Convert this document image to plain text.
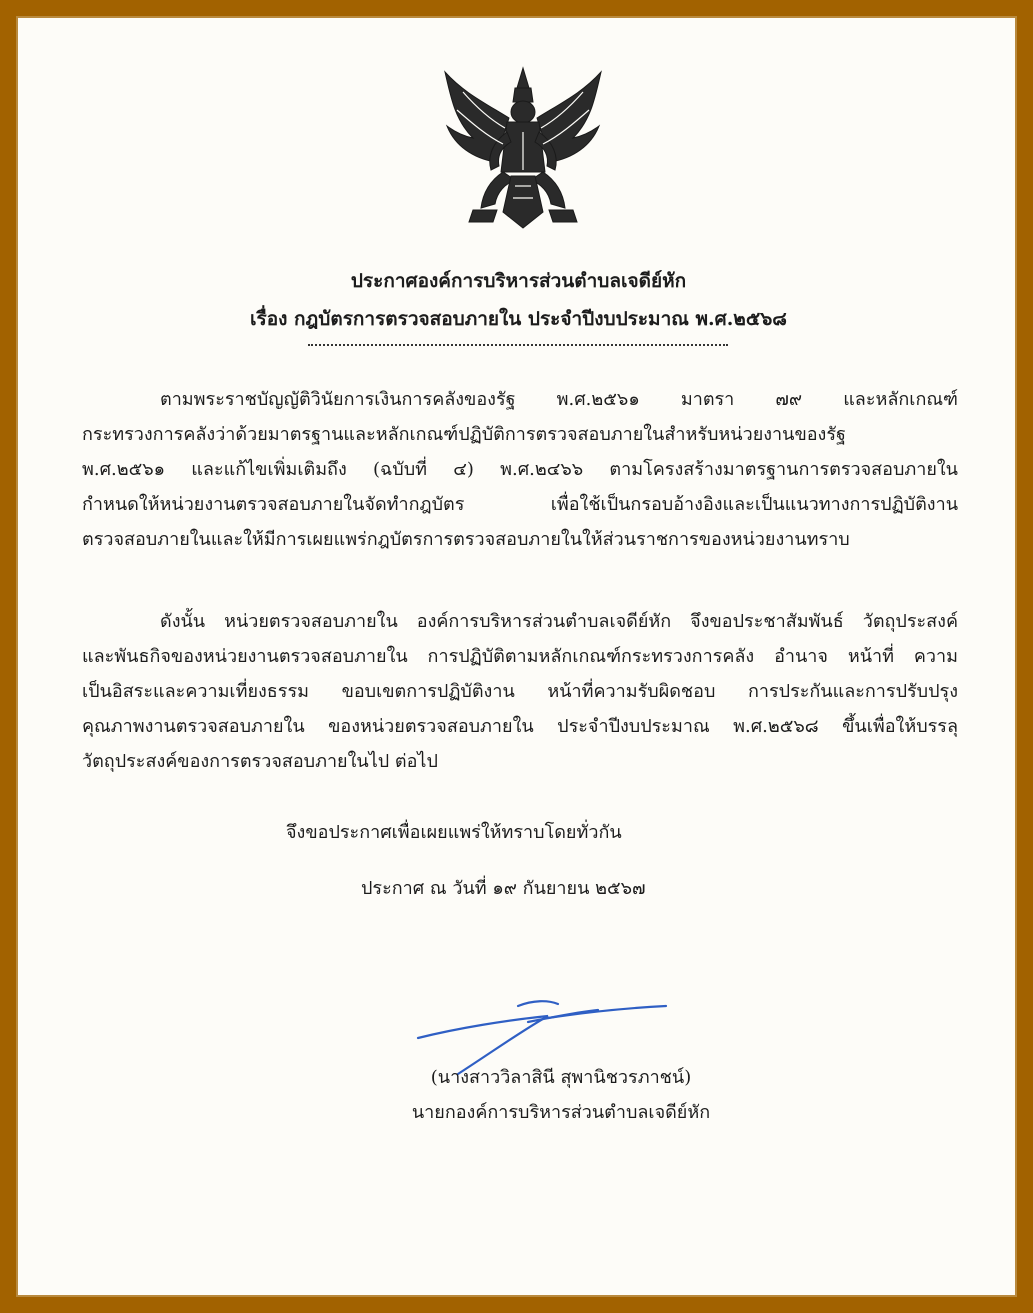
ประกาศองค์การบริหารส่วนตำบลเจดีย์หัก
เรื่อง กฎบัตรการตรวจสอบภายใน ประจำปีงบประมาณ พ.ศ.๒๕๖๘
ตามพระราชบัญญัติวินัยการเงินการคลังของรัฐ พ.ศ.๒๕๖๑ มาตรา ๗๙ และหลักเกณฑ์
กระทรวงการคลังว่าด้วยมาตรฐานและหลักเกณฑ์ปฏิบัติการตรวจสอบภายในสำหรับหน่วยงานของรัฐ
พ.ศ.๒๕๖๑ และแก้ไขเพิ่มเติมถึง (ฉบับที่ ๔) พ.ศ.๒๔๖๖ ตามโครงสร้างมาตรฐานการตรวจสอบภายใน
กำหนดให้หน่วยงานตรวจสอบภายในจัดทำกฎบัตร เพื่อใช้เป็นกรอบอ้างอิงและเป็นแนวทางการปฏิบัติงาน
ตรวจสอบภายในและให้มีการเผยแพร่กฎบัตรการตรวจสอบภายในให้ส่วนราชการของหน่วยงานทราบ
ดังนั้น หน่วยตรวจสอบภายใน องค์การบริหารส่วนตำบลเจดีย์หัก จึงขอประชาสัมพันธ์ วัตถุประสงค์
และพันธกิจของหน่วยงานตรวจสอบภายใน การปฏิบัติตามหลักเกณฑ์กระทรวงการคลัง อำนาจ หน้าที่ ความ
เป็นอิสระและความเที่ยงธรรม ขอบเขตการปฏิบัติงาน หน้าที่ความรับผิดชอบ การประกันและการปรับปรุง
คุณภาพงานตรวจสอบภายใน ของหน่วยตรวจสอบภายใน ประจำปีงบประมาณ พ.ศ.๒๕๖๘ ขึ้นเพื่อให้บรรลุ
วัตถุประสงค์ของการตรวจสอบภายในไป ต่อไป
จึงขอประกาศเพื่อเผยแพร่ให้ทราบโดยทั่วกัน
ประกาศ ณ วันที่ ๑๙ กันยายน ๒๕๖๗
(นางสาววิลาสินี สุพานิชวรภาชน์)
นายกองค์การบริหารส่วนตำบลเจดีย์หัก
